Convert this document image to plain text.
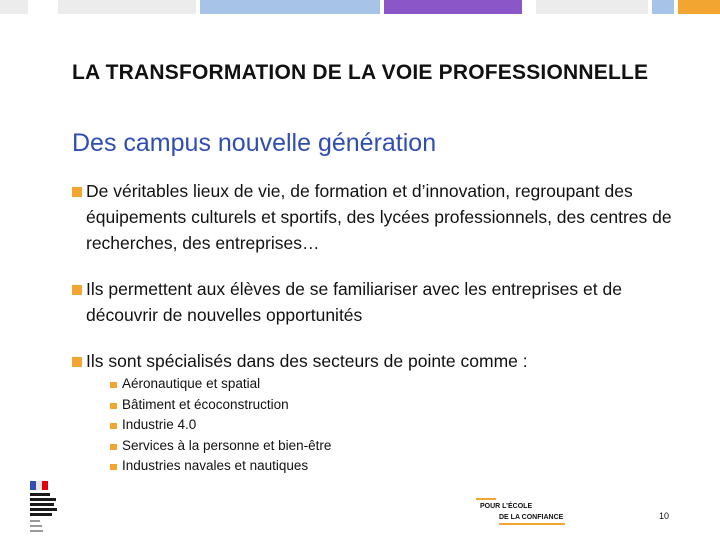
LA TRANSFORMATION DE LA VOIE PROFESSIONNELLE
Des campus nouvelle génération
De véritables lieux de vie, de formation et d’innovation, regroupant des équipements culturels et sportifs, des lycées professionnels, des centres de recherches, des entreprises…
Ils permettent aux élèves de se familiariser avec les entreprises et de découvrir de nouvelles opportunités
Ils sont spécialisés dans des secteurs de pointe comme :
Aéronautique et spatial
Bâtiment et écoconstruction
Industrie 4.0
Services à la personne et bien-être
Industries navales et nautiques
POUR L’ÉCOLE
DE LA CONFIANCE	10
